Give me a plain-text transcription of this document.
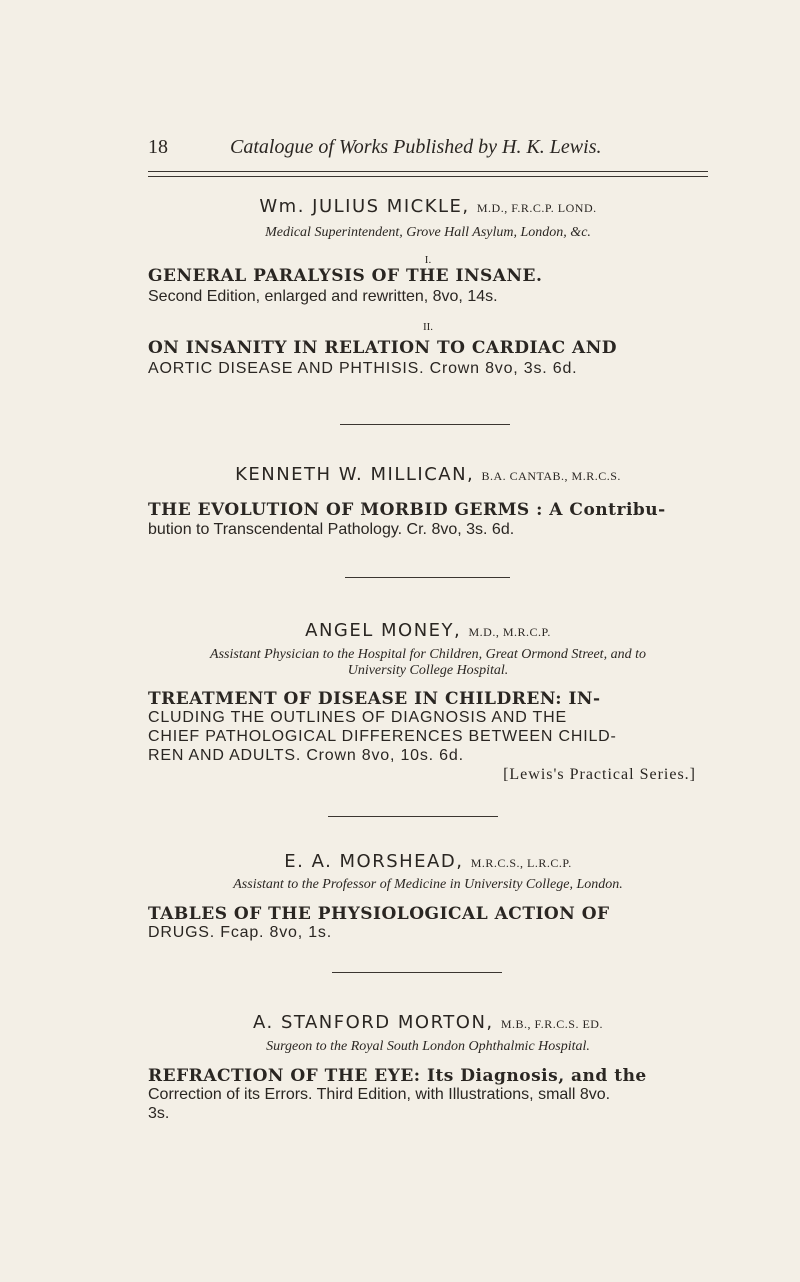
18	Catalogue of Works Published by H. K. Lewis.
Wm. JULIUS MICKLE, M.D., F.R.C.P. LOND.
Medical Superintendent, Grove Hall Asylum, London, &c.
I.
GENERAL PARALYSIS OF THE INSANE.
Second Edition, enlarged and rewritten, 8vo, 14s.
II.
ON INSANITY IN RELATION TO CARDIAC AND
AORTIC DISEASE AND PHTHISIS. Crown 8vo, 3s. 6d.
KENNETH W. MILLICAN, B.A. CANTAB., M.R.C.S.
THE EVOLUTION OF MORBID GERMS : A Contribu-
bution to Transcendental Pathology. Cr. 8vo, 3s. 6d.
ANGEL MONEY, M.D., M.R.C.P.
Assistant Physician to the Hospital for Children, Great Ormond Street, and to
University College Hospital.
TREATMENT OF DISEASE IN CHILDREN: IN-
CLUDING THE OUTLINES OF DIAGNOSIS AND THE
CHIEF PATHOLOGICAL DIFFERENCES BETWEEN CHILD-
REN AND ADULTS. Crown 8vo, 10s. 6d.
[Lewis's Practical Series.]
E. A. MORSHEAD, M.R.C.S., L.R.C.P.
Assistant to the Professor of Medicine in University College, London.
TABLES OF THE PHYSIOLOGICAL ACTION OF
DRUGS. Fcap. 8vo, 1s.
A. STANFORD MORTON, M.B., F.R.C.S. ED.
Surgeon to the Royal South London Ophthalmic Hospital.
REFRACTION OF THE EYE: Its Diagnosis, and the
Correction of its Errors. Third Edition, with Illustrations, small 8vo.
3s.
